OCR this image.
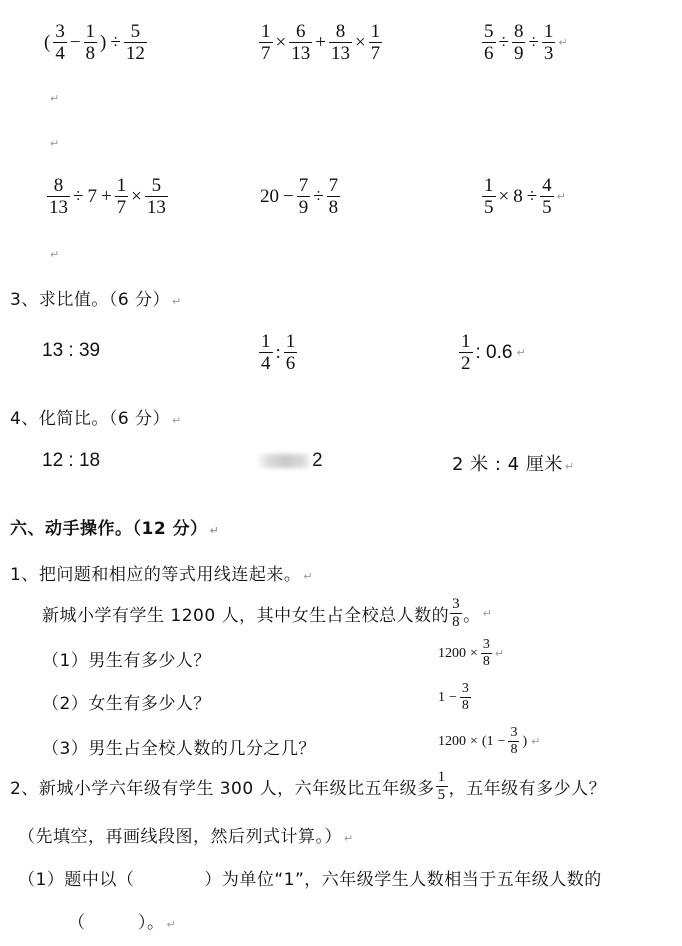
( $\frac{3}{4} - \frac{1}{8}$ ) ÷ $\frac{5}{12}$	$\frac{1}{7} \times \frac{6}{13} + \frac{8}{13} \times \frac{1}{7}$	$\frac{5}{6} \div \frac{8}{9} \div \frac{1}{3}$ ↵
↵
↵
$\frac{8}{13} \div 7 + \frac{1}{7} \times \frac{5}{13}$	$20 - \frac{7}{9} \div \frac{7}{8}$	$\frac{1}{5} \times 8 \div \frac{4}{5}$ ↵
↵
3、求比值。（6 分） ↵
13 : 39	$\frac{1}{4}$ : $\frac{1}{6}$	$\frac{1}{2}$ : 0.6 ↵
4、化简比。（6 分） ↵
12 : 18	2	2 米 : 4 厘米 ↵
六、动手操作。（12 分） ↵
1、把问题和相应的等式用线连起来。 ↵
新城小学有学生 1200 人，其中女生占全校总人数的 $\frac{3}{8}$ 。 ↵
（1）男生有多少人？
（2）女生有多少人？
（3）男生占全校人数的几分之几？
$1200 \times \frac{3}{8}$ ↵
$1 - \frac{3}{8}$
$1200 \times (1 - \frac{3}{8}$ ) ↵
2、新城小学六年级有学生 300 人，六年级比五年级多 $\frac{1}{5}$ ，五年级有多少人？
（先填空，再画线段图，然后列式计算。） ↵
（1）题中以（　　　　）为单位“1”，六年级学生人数相当于五年级人数的
（　　　）。 ↵
